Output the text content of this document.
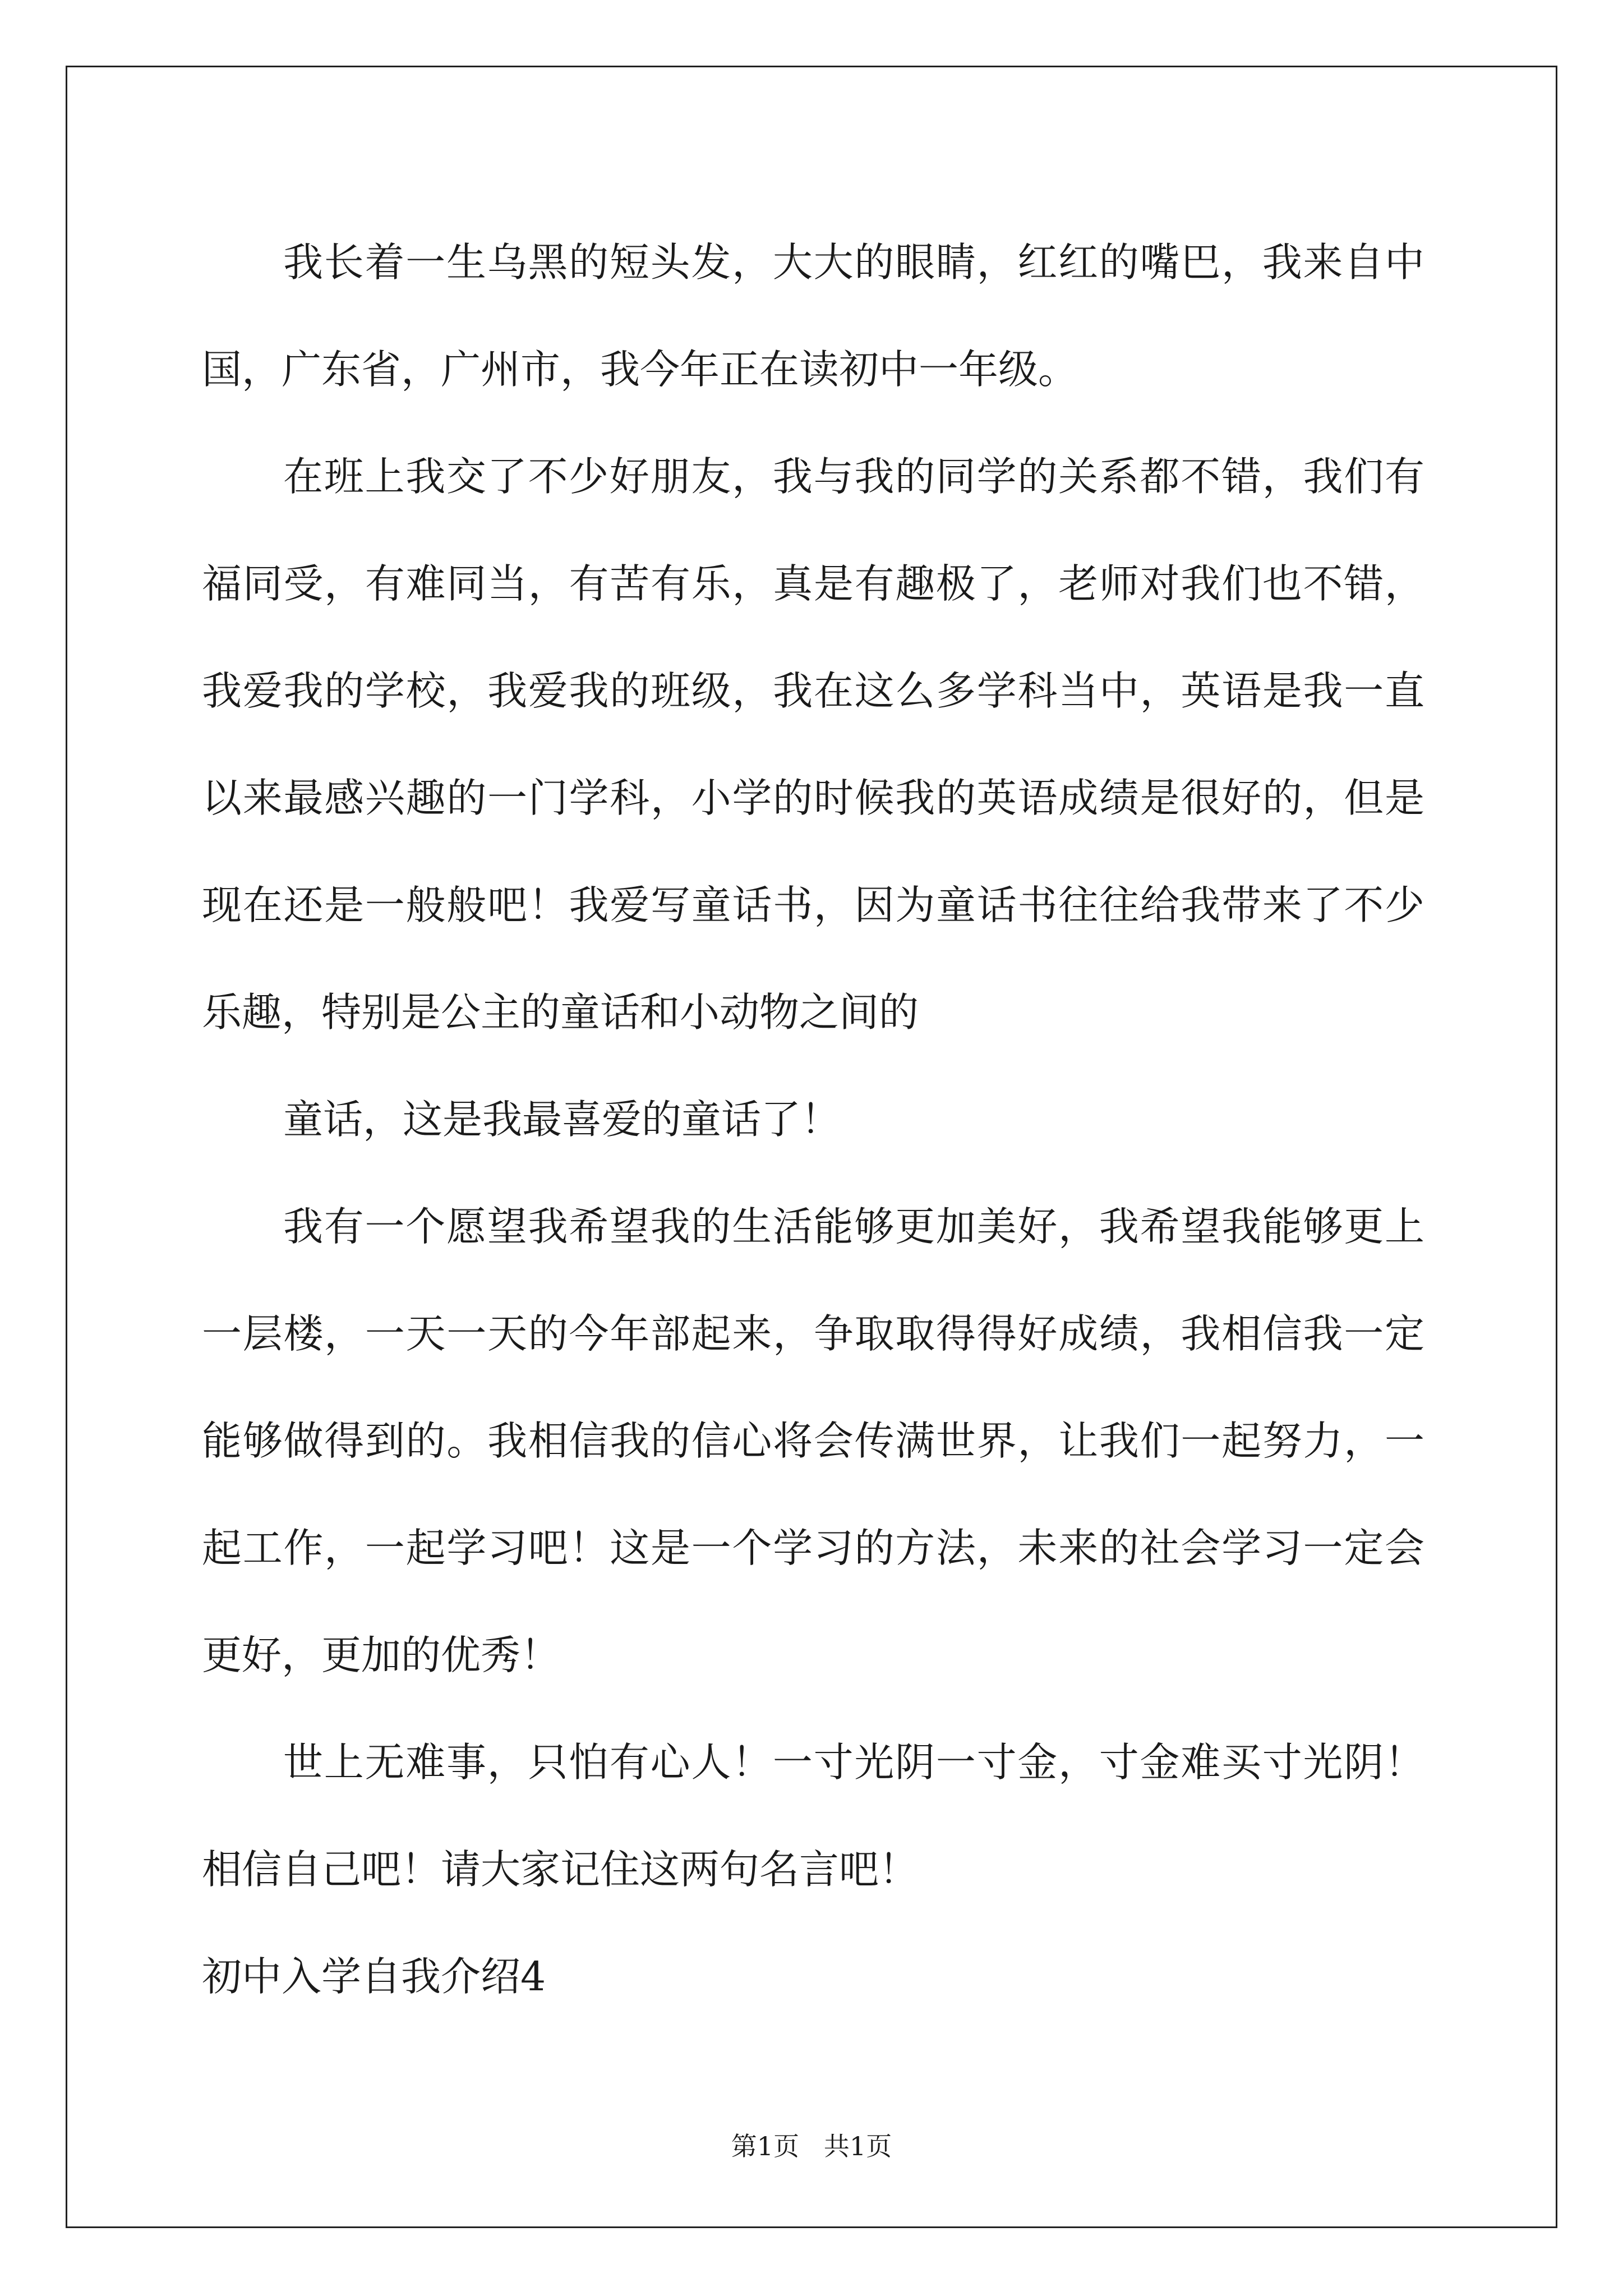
我长着一生乌黑的短头发，大大的眼睛，红红的嘴巴，我来自中国，广东省，广州市，我今年正在读初中一年级。

在班上我交了不少好朋友，我与我的同学的关系都不错，我们有福同受，有难同当，有苦有乐，真是有趣极了，老师对我们也不错，我爱我的学校，我爱我的班级，我在这么多学科当中，英语是我一直以来最感兴趣的一门学科，小学的时候我的英语成绩是很好的，但是现在还是一般般吧！我爱写童话书，因为童话书往往给我带来了不少乐趣，特别是公主的童话和小动物之间的

童话，这是我最喜爱的童话了！

我有一个愿望我希望我的生活能够更加美好，我希望我能够更上一层楼，一天一天的今年部起来，争取取得得好成绩，我相信我一定能够做得到的。我相信我的信心将会传满世界，让我们一起努力，一起工作，一起学习吧！这是一个学习的方法，未来的社会学习一定会更好，更加的优秀！

世上无难事，只怕有心人！一寸光阴一寸金，寸金难买寸光阴！相信自己吧！请大家记住这两句名言吧！

初中入学自我介绍4

第1页   共1页
